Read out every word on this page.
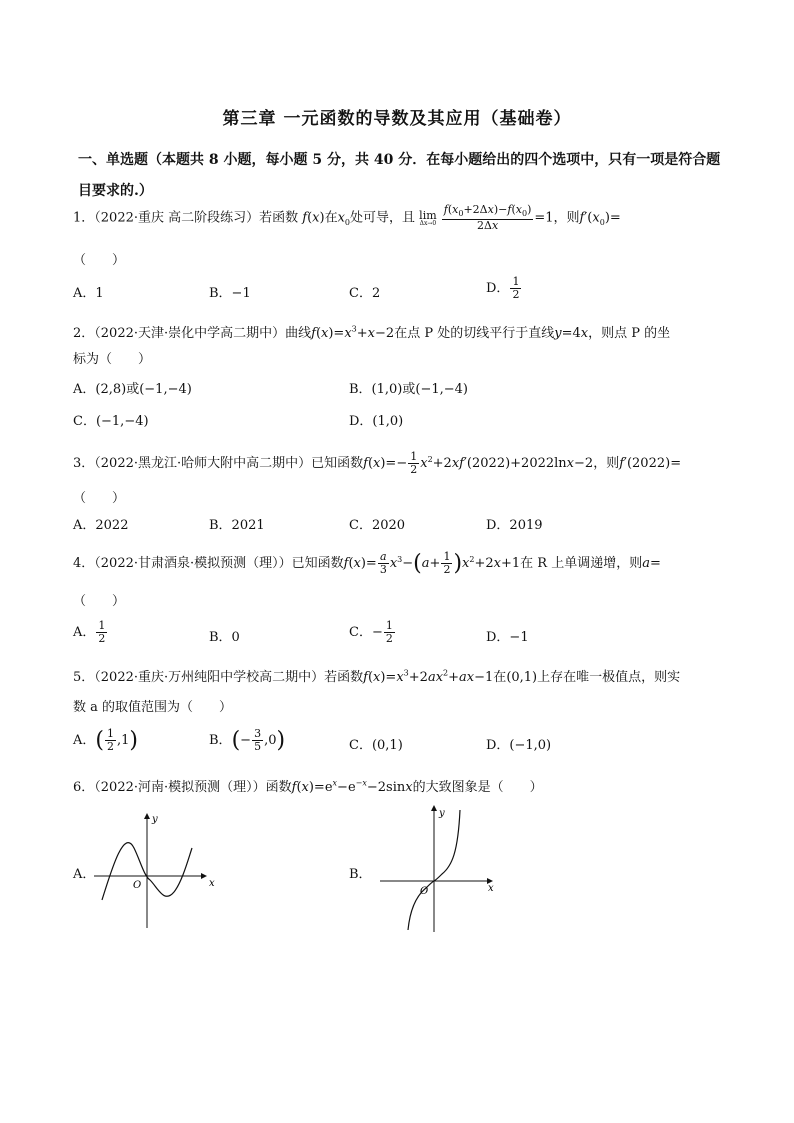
第三章 一元函数的导数及其应用（基础卷）
一、单选题（本题共 8 小题，每小题 5 分，共 40 分．在每小题给出的四个选项中，只有一项是符合题目要求的.）
1．（2022·重庆 高二阶段练习）若函数 f(x)在$x_0$处可导，且 lim
Δx→0
$\frac{f(x_0+2\Delta x)-f(x_0)}{2\Delta x} =1$，则$f'(x_0)=$
（　　）
A．1	B．−1	C．2	D． $\frac{1}{2}$
2．（2022·天津·崇化中学高二期中）曲线$f(x)=x^3+x-2$在点 P 处的切线平行于直线y=4x，则点 P 的坐
标为（　　）
A．(2,8)或(−1,−4)	B．(1,0)或(−1,−4)
C．(−1,−4)	D．(1,0)
3．（2022·黑龙江·哈师大附中高二期中）已知函数$f(x)=- \frac{1}{2} x^2+2xf'(2022)+2022\ln x-2$，则f′(2022)=
（　　）
A．2022	B．2021	C．2020	D．2019
4．（2022·甘肃酒泉·模拟预测（理））已知函数$f(x)= \frac{a}{3} x^3-(a+ \frac{1}{2} )x^2+2x+1$在 R 上单调递增，则a=
（　　）
A． $\frac{1}{2}$	B．0	C．− $\frac{1}{2}$	D．−1
5．（2022·重庆·万州纯阳中学校高二期中）若函数$f(x)=x^3+2ax^2+ax-1$在(0,1)上存在唯一极值点，则实
数 a 的取值范围为（　　）
A．( $\frac{1}{2} ,1$)	B．(− $\frac{3}{5} ,0$)	C．(0,1)	D．(−1,0)
6．（2022·河南·模拟预测（理））函数$f(x)=e^x-e^{-x}-2\sin x$的大致图象是（　　）
A．
y
x
O
B．
y
x
O
